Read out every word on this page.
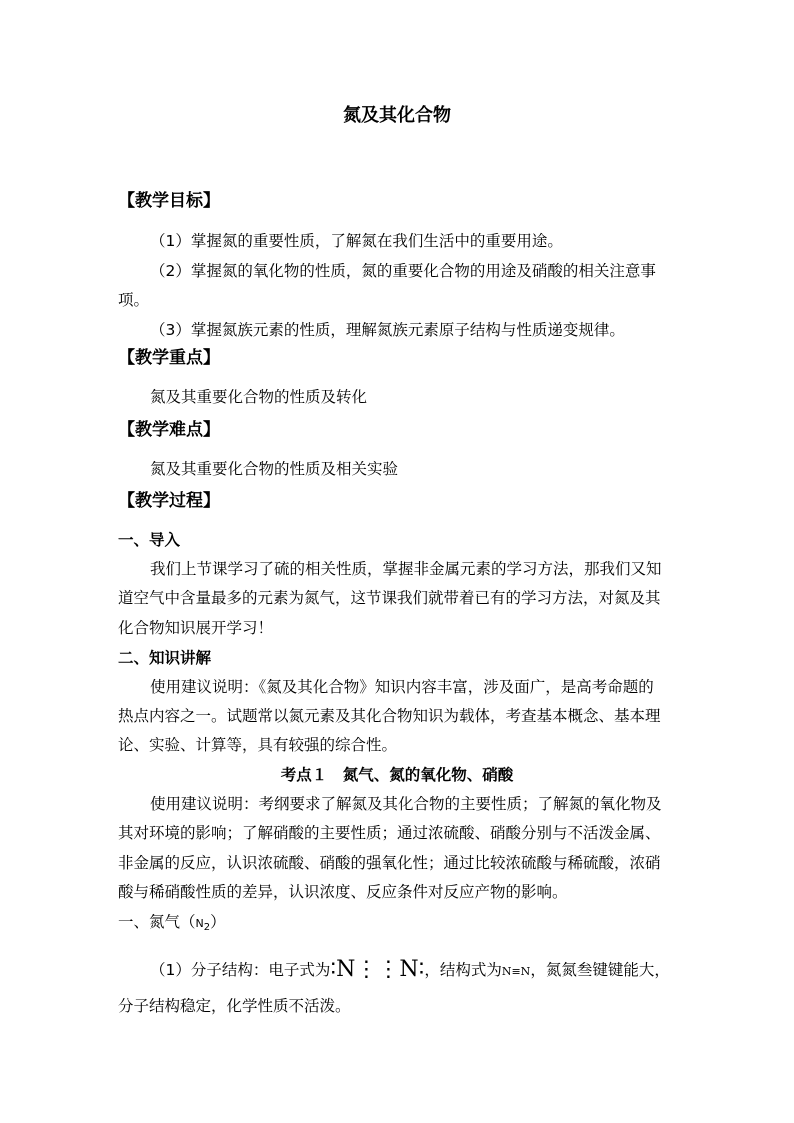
氮及其化合物
【教学目标】
（1）掌握氮的重要性质，了解氮在我们生活中的重要用途。
（2）掌握氮的氧化物的性质，氮的重要化合物的用途及硝酸的相关注意事
项。
（3）掌握氮族元素的性质，理解氮族元素原子结构与性质递变规律。
【教学重点】
氮及其重要化合物的性质及转化
【教学难点】
氮及其重要化合物的性质及相关实验
【教学过程】
一、导入
我们上节课学习了硫的相关性质，掌握非金属元素的学习方法，那我们又知
道空气中含量最多的元素为氮气，这节课我们就带着已有的学习方法，对氮及其
化合物知识展开学习！
二、知识讲解
使用建议说明：《氮及其化合物》知识内容丰富，涉及面广，是高考命题的
热点内容之一。试题常以氮元素及其化合物知识为载体，考查基本概念、基本理
论、实验、计算等，具有较强的综合性。
考点１　氮气、氮的氧化物、硝酸
使用建议说明：考纲要求了解氮及其化合物的主要性质；了解氮的氧化物及
其对环境的影响；了解硝酸的主要性质；通过浓硫酸、硝酸分别与不活泼金属、
非金属的反应，认识浓硫酸、硝酸的强氧化性；通过比较浓硫酸与稀硫酸，浓硝
酸与稀硝酸性质的差异，认识浓度、反应条件对反应产物的影响。
一、氮气$(N_2)$
（1）分子结构：电子式为∶N⋮⋮N∶，结构式为N≡N，氮氮叁键键能大，
分子结构稳定，化学性质不活泼。
